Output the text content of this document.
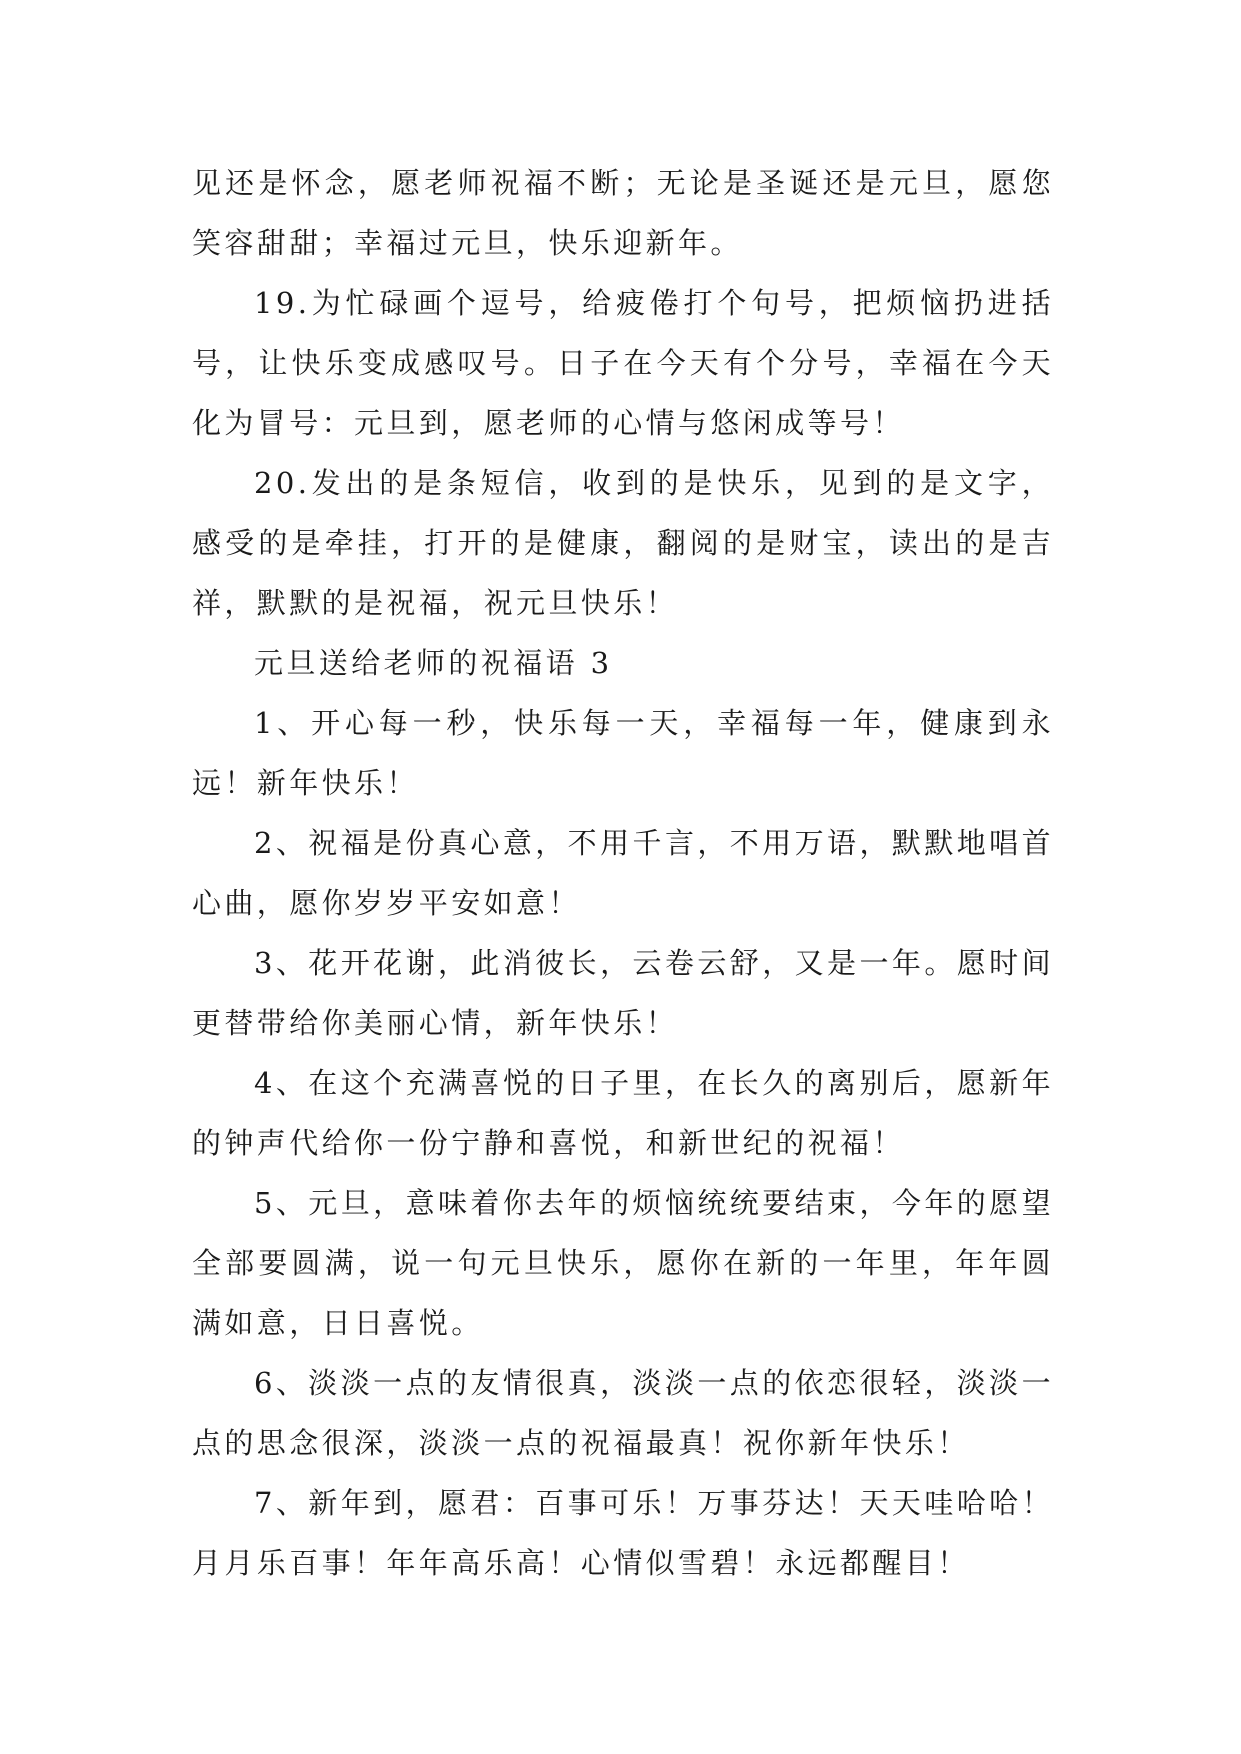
见还是怀念，愿老师祝福不断；无论是圣诞还是元旦，愿您笑容甜甜；幸福过元旦，快乐迎新年。

19.为忙碌画个逗号，给疲倦打个句号，把烦恼扔进括号，让快乐变成感叹号。日子在今天有个分号，幸福在今天化为冒号：元旦到，愿老师的心情与悠闲成等号！

20.发出的是条短信，收到的是快乐，见到的是文字，感受的是牵挂，打开的是健康，翻阅的是财宝，读出的是吉祥，默默的是祝福，祝元旦快乐！

元旦送给老师的祝福语 3

1、开心每一秒，快乐每一天，幸福每一年，健康到永远！新年快乐！

2、祝福是份真心意，不用千言，不用万语，默默地唱首心曲，愿你岁岁平安如意！

3、花开花谢，此消彼长，云卷云舒，又是一年。愿时间更替带给你美丽心情，新年快乐！

4、在这个充满喜悦的日子里，在长久的离别后，愿新年的钟声代给你一份宁静和喜悦，和新世纪的祝福！

5、元旦，意味着你去年的烦恼统统要结束，今年的愿望全部要圆满，说一句元旦快乐，愿你在新的一年里，年年圆满如意，日日喜悦。

6、淡淡一点的友情很真，淡淡一点的依恋很轻，淡淡一点的思念很深，淡淡一点的祝福最真！祝你新年快乐！

7、新年到，愿君：百事可乐！万事芬达！天天哇哈哈！月月乐百事！年年高乐高！心情似雪碧！永远都醒目！
